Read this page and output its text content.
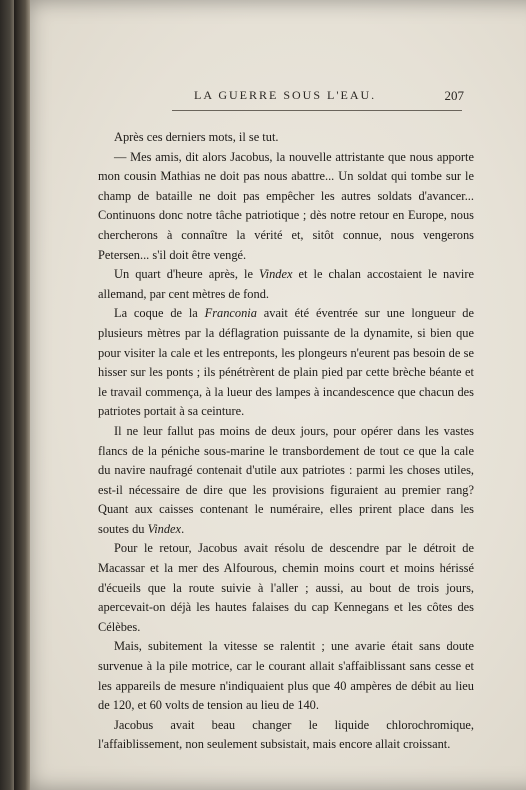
LA GUERRE SOUS L'EAU.	207

Après ces derniers mots, il se tut.

— Mes amis, dit alors Jacobus, la nouvelle attristante que nous apporte mon cousin Mathias ne doit pas nous abattre... Un soldat qui tombe sur le champ de bataille ne doit pas empêcher les autres soldats d'avancer... Continuons donc notre tâche patriotique ; dès notre retour en Europe, nous chercherons à connaître la vérité et, sitôt connue, nous vengerons Petersen... s'il doit être vengé.

Un quart d'heure après, le Vindex et le chalan accostaient le navire allemand, par cent mètres de fond.

La coque de la Franconia avait été éventrée sur une longueur de plusieurs mètres par la déflagration puissante de la dynamite, si bien que pour visiter la cale et les entreponts, les plongeurs n'eurent pas besoin de se hisser sur les ponts ; ils pénétrèrent de plain pied par cette brèche béante et le travail commença, à la lueur des lampes à incandescence que chacun des patriotes portait à sa ceinture.

Il ne leur fallut pas moins de deux jours, pour opérer dans les vastes flancs de la péniche sous-marine le transbordement de tout ce que la cale du navire naufragé contenait d'utile aux patriotes : parmi les choses utiles, est-il nécessaire de dire que les provisions figuraient au premier rang? Quant aux caisses contenant le numéraire, elles prirent place dans les soutes du Vindex.

Pour le retour, Jacobus avait résolu de descendre par le détroit de Macassar et la mer des Alfourous, chemin moins court et moins hérissé d'écueils que la route suivie à l'aller ; aussi, au bout de trois jours, apercevait-on déjà les hautes falaises du cap Kennegans et les côtes des Célèbes.

Mais, subitement la vitesse se ralentit ; une avarie était sans doute survenue à la pile motrice, car le courant allait s'affaiblissant sans cesse et les appareils de mesure n'indiquaient plus que 40 ampères de débit au lieu de 120, et 60 volts de tension au lieu de 140.

Jacobus avait beau changer le liquide chlorochromique, l'affaiblissement, non seulement subsistait, mais encore allait croissant.
